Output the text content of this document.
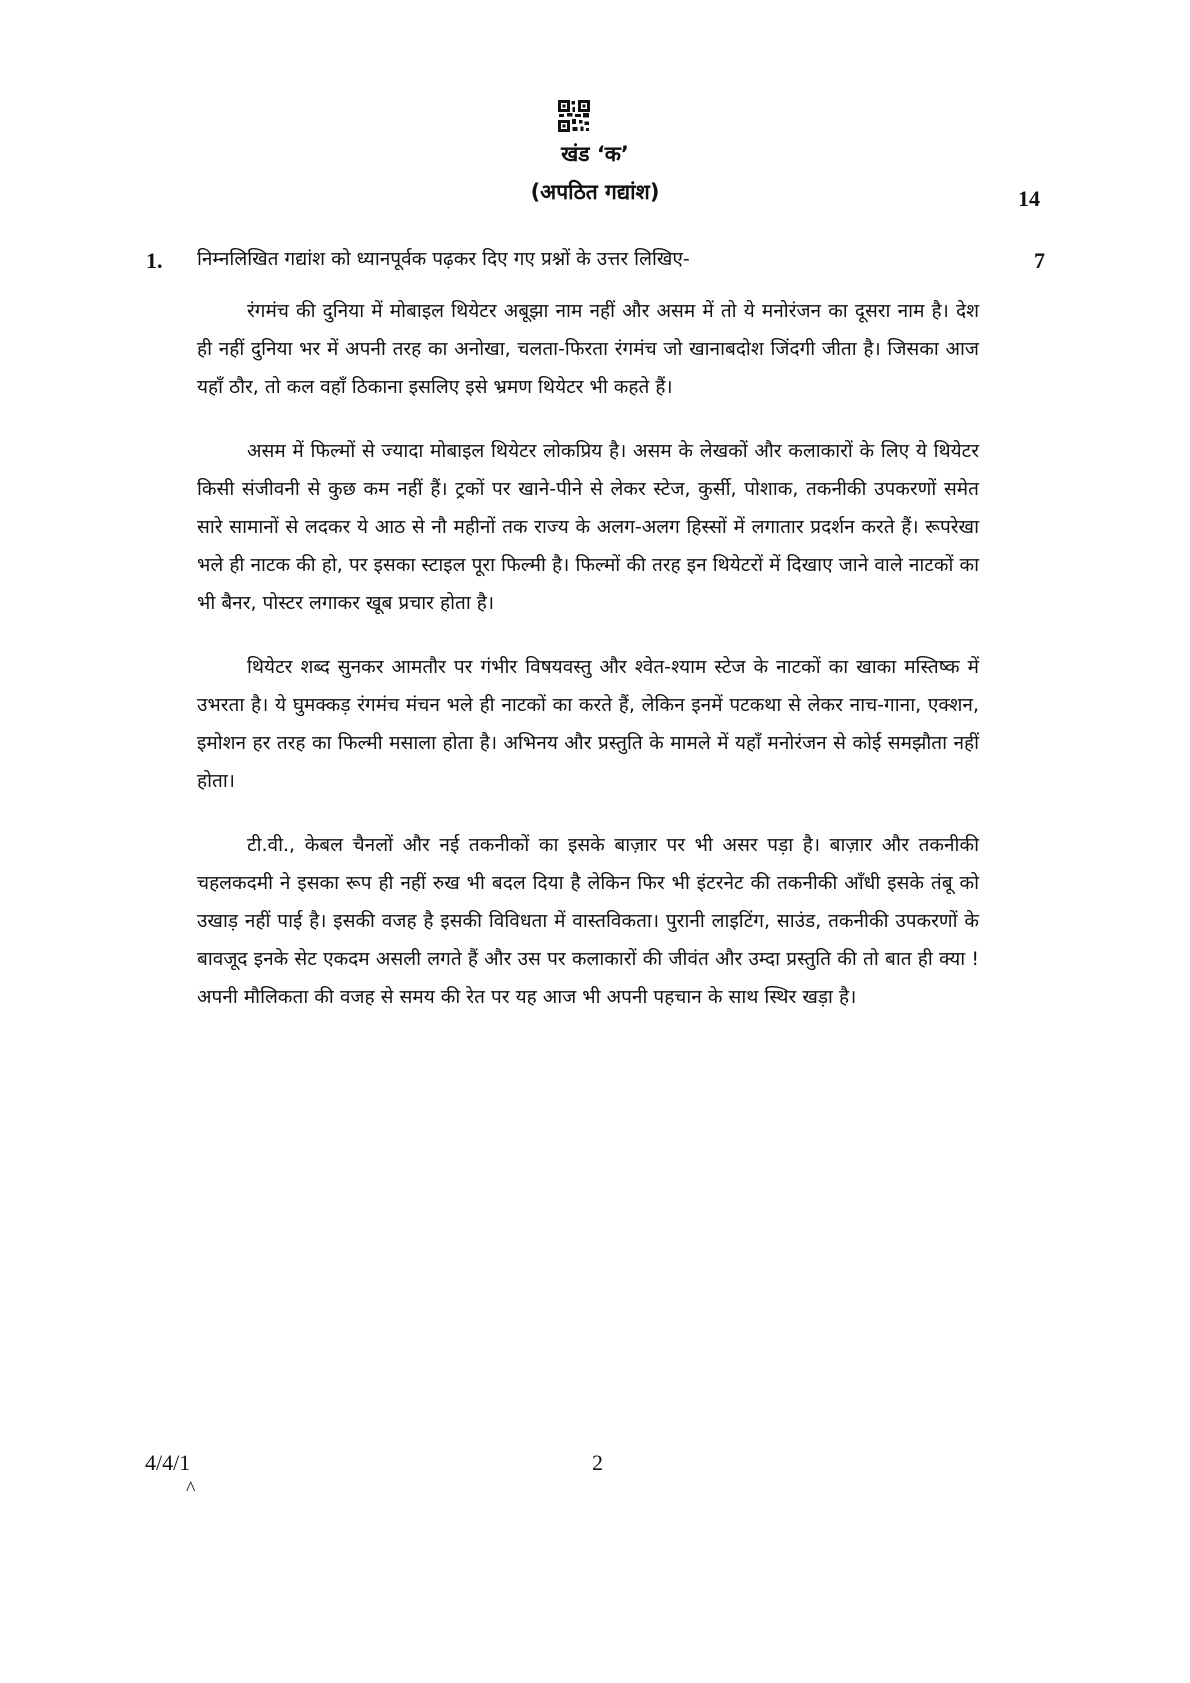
खंड ‘क’
(अपठित गद्यांश)	14
1. निम्नलिखित गद्यांश को ध्यानपूर्वक पढ़कर दिए गए प्रश्नों के उत्तर लिखिए-	7

रंगमंच की दुनिया में मोबाइल थियेटर अबूझा नाम नहीं और असम में तो ये मनोरंजन का दूसरा नाम है। देश ही नहीं दुनिया भर में अपनी तरह का अनोखा, चलता-फिरता रंगमंच जो खानाबदोश जिंदगी जीता है। जिसका आज यहाँ ठौर, तो कल वहाँ ठिकाना इसलिए इसे भ्रमण थियेटर भी कहते हैं।

असम में फिल्मों से ज्यादा मोबाइल थियेटर लोकप्रिय है। असम के लेखकों और कलाकारों के लिए ये थियेटर किसी संजीवनी से कुछ कम नहीं हैं। ट्रकों पर खाने-पीने से लेकर स्टेज, कुर्सी, पोशाक, तकनीकी उपकरणों समेत सारे सामानों से लदकर ये आठ से नौ महीनों तक राज्य के अलग-अलग हिस्सों में लगातार प्रदर्शन करते हैं। रूपरेखा भले ही नाटक की हो, पर इसका स्टाइल पूरा फिल्मी है। फिल्मों की तरह इन थियेटरों में दिखाए जाने वाले नाटकों का भी बैनर, पोस्टर लगाकर खूब प्रचार होता है।

थियेटर शब्द सुनकर आमतौर पर गंभीर विषयवस्तु और श्वेत-श्याम स्टेज के नाटकों का खाका मस्तिष्क में उभरता है। ये घुमक्कड़ रंगमंच मंचन भले ही नाटकों का करते हैं, लेकिन इनमें पटकथा से लेकर नाच-गाना, एक्शन, इमोशन हर तरह का फिल्मी मसाला होता है। अभिनय और प्रस्तुति के मामले में यहाँ मनोरंजन से कोई समझौता नहीं होता।

टी.वी., केबल चैनलों और नई तकनीकों का इसके बाज़ार पर भी असर पड़ा है। बाज़ार और तकनीकी चहलकदमी ने इसका रूप ही नहीं रुख भी बदल दिया है लेकिन फिर भी इंटरनेट की तकनीकी आँधी इसके तंबू को उखाड़ नहीं पाई है। इसकी वजह है इसकी विविधता में वास्तविकता। पुरानी लाइटिंग, साउंड, तकनीकी उपकरणों के बावजूद इनके सेट एकदम असली लगते हैं और उस पर कलाकारों की जीवंत और उम्दा प्रस्तुति की तो बात ही क्या ! अपनी मौलिकता की वजह से समय की रेत पर यह आज भी अपनी पहचान के साथ स्थिर खड़ा है।

4/4/1
^
2
